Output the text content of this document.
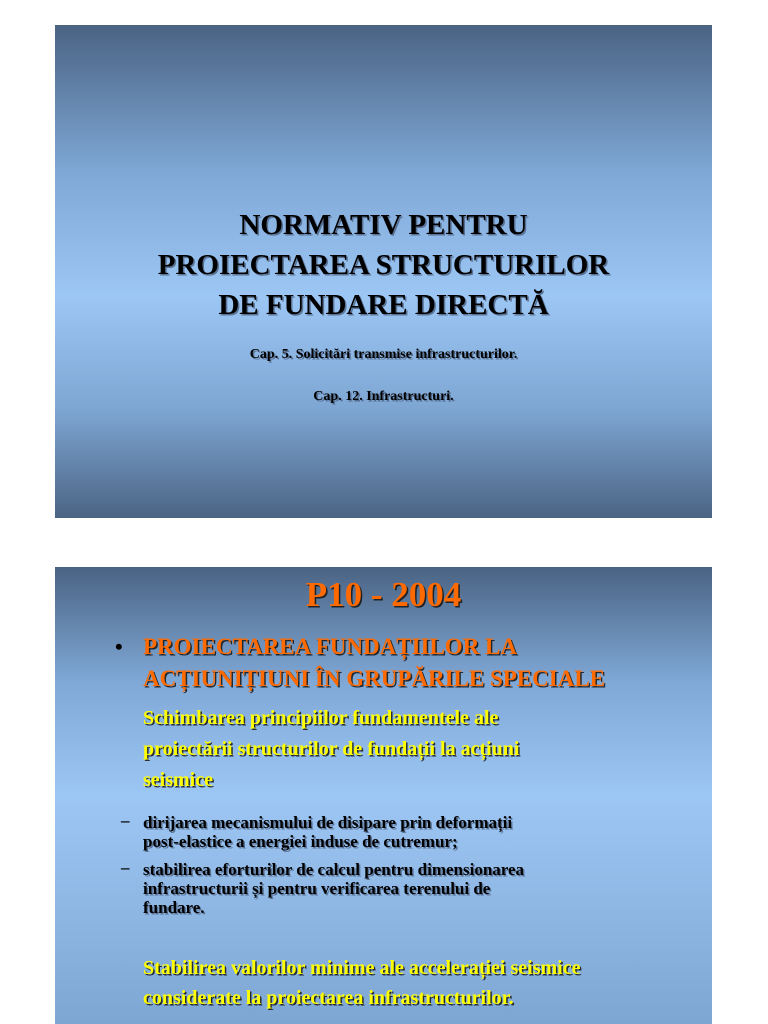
NORMATIV PENTRU
PROIECTAREA STRUCTURILOR
DE FUNDARE DIRECTĂ
Cap. 5. Solicitări transmise infrastructurilor.
Cap. 12. Infrastructuri.
P10 - 2004
• PROIECTAREA FUNDAȚIILOR LA
ACȚIUNIȚIUNI ÎN GRUPĂRILE SPECIALE
Schimbarea principiilor fundamentele ale
proiectării structurilor de fundații la acțiuni
seismice
– dirijarea mecanismului de disipare prin deformații
post-elastice a energiei induse de cutremur;
– stabilirea eforturilor de calcul pentru dimensionarea
infrastructurii și pentru verificarea terenului de
fundare.
Stabilirea valorilor minime ale accelerației seismice
considerate la proiectarea infrastructurilor.
